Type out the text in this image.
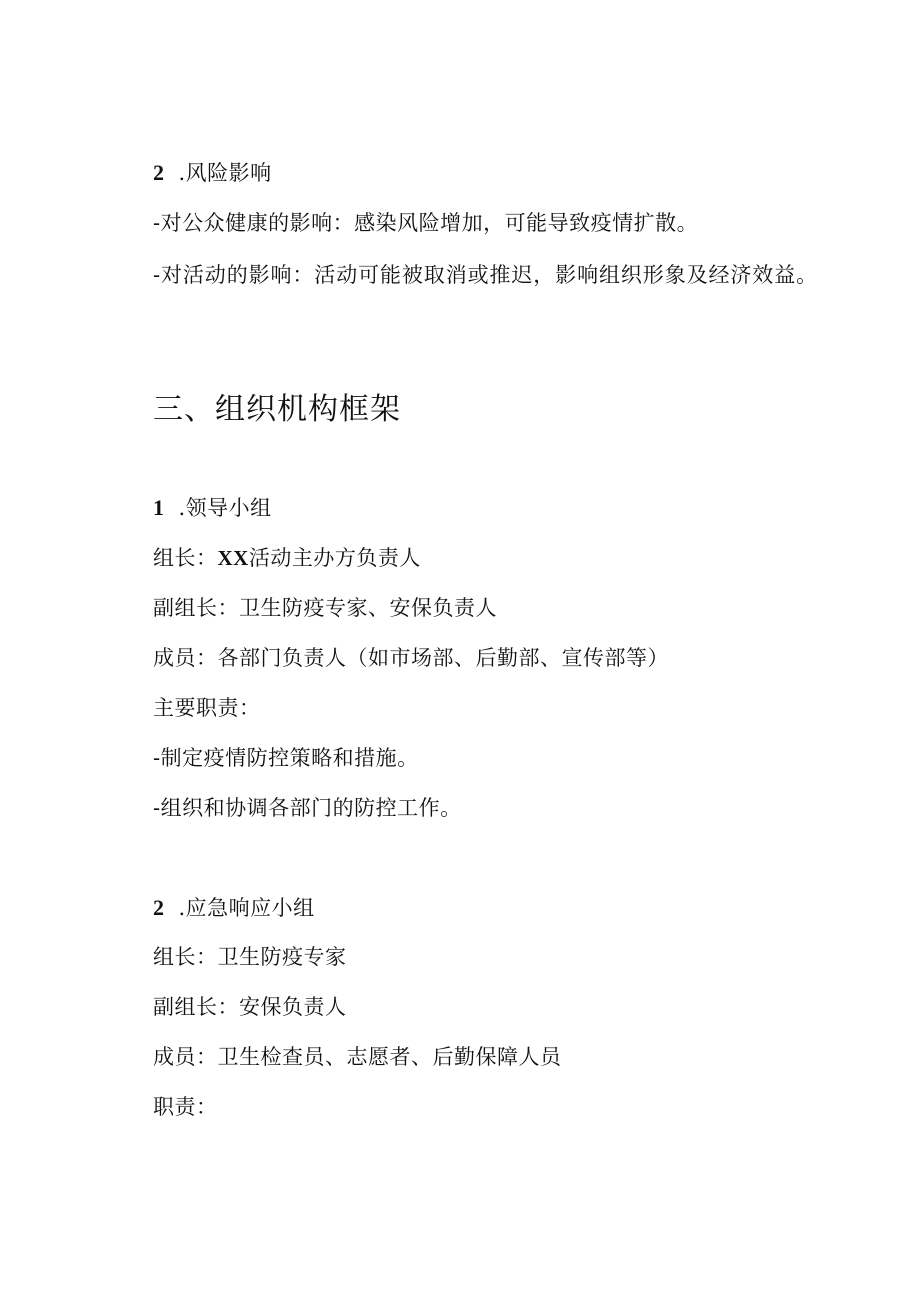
2 .风险影响
-对公众健康的影响：感染风险增加，可能导致疫情扩散。
-对活动的影响：活动可能被取消或推迟，影响组织形象及经济效益。
三、组织机构框架
1 .领导小组
组长：XX活动主办方负责人
副组长：卫生防疫专家、安保负责人
成员：各部门负责人（如市场部、后勤部、宣传部等）
主要职责：
-制定疫情防控策略和措施。
-组织和协调各部门的防控工作。
2 .应急响应小组
组长：卫生防疫专家
副组长：安保负责人
成员：卫生检查员、志愿者、后勤保障人员
职责：
